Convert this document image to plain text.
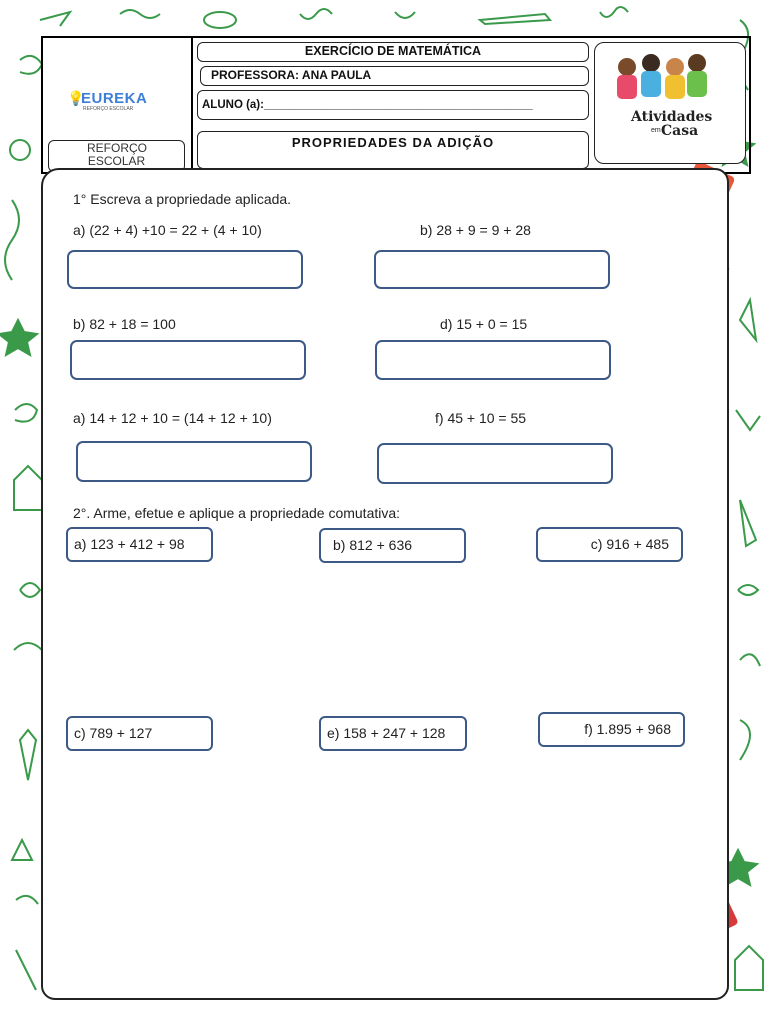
💡
EUREKA
REFORÇO ESCOLAR
REFORÇO ESCOLAR
EXERCÍCIO DE MATEMÁTICA
PROFESSORA: ANA PAULA
ALUNO (a):__________________________________________
PROPRIEDADES DA ADIÇÃO
Atividades
em Casa
1° Escreva a propriedade aplicada.
a) (22 + 4) +10 = 22 + (4 + 10)	b) 28 + 9 = 9 + 28
b) 82 + 18 = 100	d) 15 + 0 = 15
a) 14 + 12 + 10 = (14 + 12 + 10)	f) 45 + 10 = 55
2°. Arme, efetue e aplique a propriedade comutativa:
a) 123 + 412 + 98	b) 812 + 636	c) 916 + 485
c) 789 + 127	e) 158 + 247 + 128	f) 1.895 + 968
